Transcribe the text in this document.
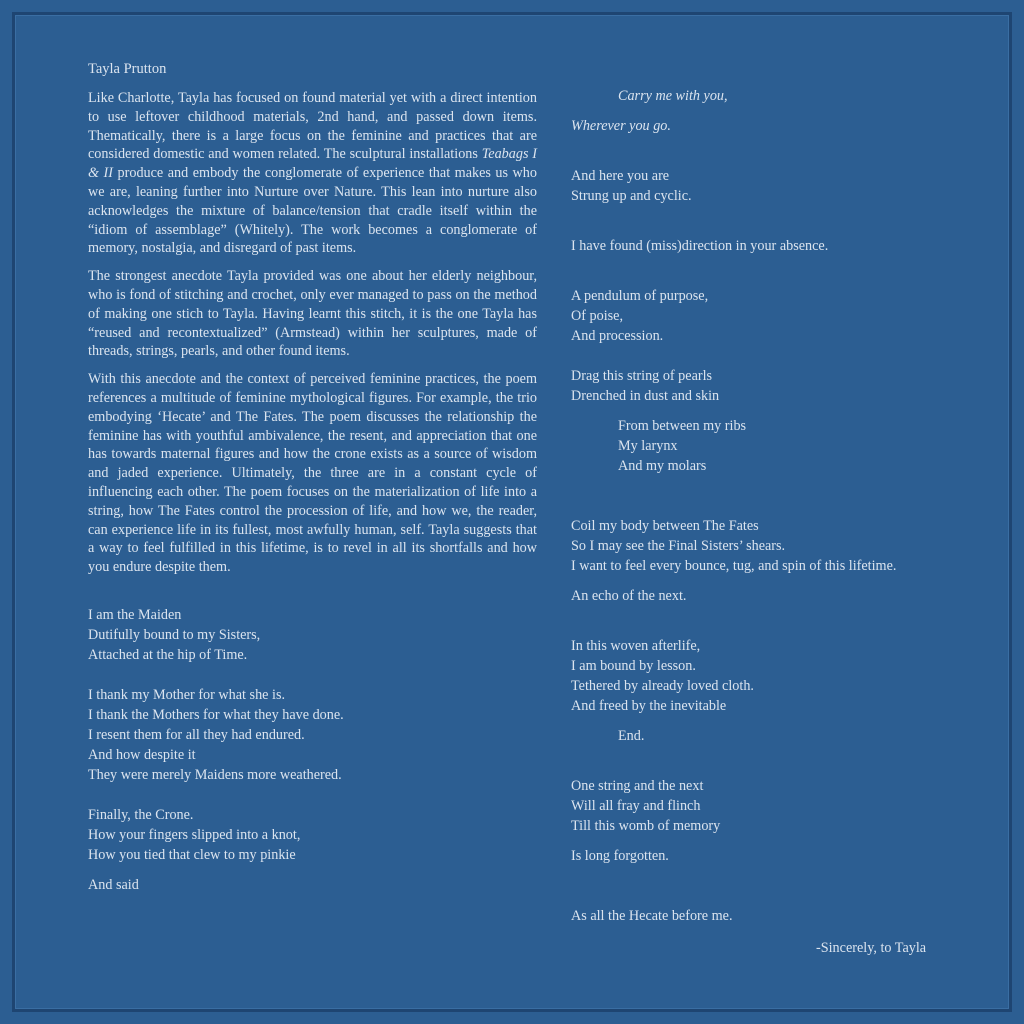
Tayla Prutton

Like Charlotte, Tayla has focused on found material yet with a direct intention to use leftover childhood materials, 2nd hand, and passed down items. Thematically, there is a large focus on the feminine and practices that are considered domestic and women related. The sculptural installations Teabags I & II produce and embody the conglomerate of experience that makes us who we are, leaning further into Nurture over Nature. This lean into nurture also acknowledges the mixture of balance/tension that cradle itself within the “idiom of assemblage” (Whitely). The work becomes a conglomerate of memory, nostalgia, and disregard of past items.

The strongest anecdote Tayla provided was one about her elderly neighbour, who is fond of stitching and crochet, only ever managed to pass on the method of making one stich to Tayla. Having learnt this stitch, it is the one Tayla has “reused and recontextualized” (Armstead) within her sculptures, made of threads, strings, pearls, and other found items.

With this anecdote and the context of perceived feminine practices, the poem references a multitude of feminine mythological figures. For example, the trio embodying ‘Hecate’ and The Fates. The poem discusses the relationship the feminine has with youthful ambivalence, the resent, and appreciation that one has towards maternal figures and how the crone exists as a source of wisdom and jaded experience. Ultimately, the three are in a constant cycle of influencing each other. The poem focuses on the materialization of life into a string, how The Fates control the procession of life, and how we, the reader, can experience life in its fullest, most awfully human, self. Tayla suggests that a way to feel fulfilled in this lifetime, is to revel in all its shortfalls and how you endure despite them.

I am the Maiden
Dutifully bound to my Sisters,
Attached at the hip of Time.
I thank my Mother for what she is.
I thank the Mothers for what they have done.
I resent them for all they had endured.
And how despite it
They were merely Maidens more weathered.
Finally, the Crone.
How your fingers slipped into a knot,
How you tied that clew to my pinkie
And said
Carry me with you,
Wherever you go.
And here you are
Strung up and cyclic.
I have found (miss)direction in your absence.
A pendulum of purpose,
Of poise,
And procession.
Drag this string of pearls
Drenched in dust and skin
From between my ribs
My larynx
And my molars
Coil my body between The Fates
So I may see the Final Sisters’ shears.
I want to feel every bounce, tug, and spin of this lifetime.
An echo of the next.
In this woven afterlife,
I am bound by lesson.
Tethered by already loved cloth.
And freed by the inevitable
End.
One string and the next
Will all fray and flinch
Till this womb of memory
Is long forgotten.
As all the Hecate before me.
-Sincerely, to Tayla
